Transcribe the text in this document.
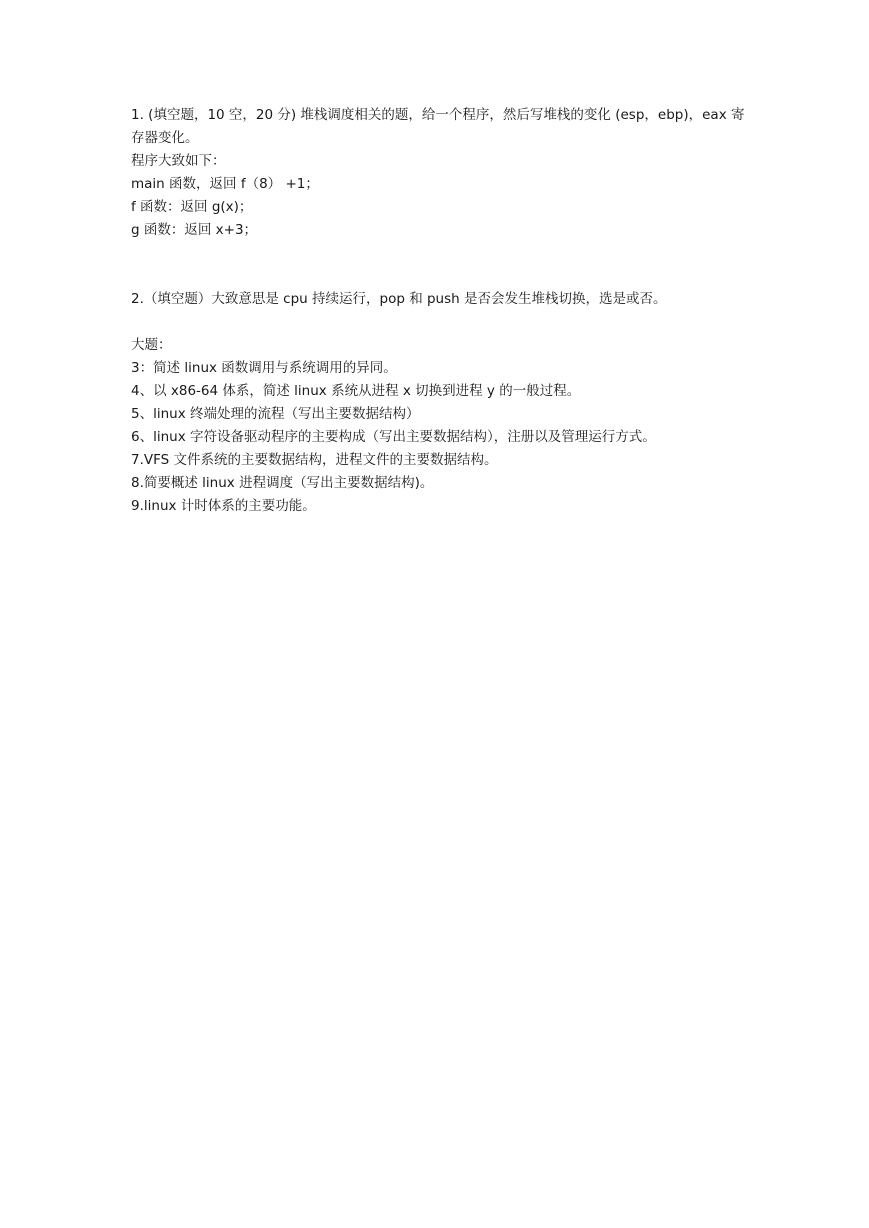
1. (填空题，10 空，20 分) 堆栈调度相关的题，给一个程序，然后写堆栈的变化 (esp，ebp)，eax 寄存器变化。

程序大致如下：

main 函数，返回 f（8） +1；

f 函数：返回 g(x)；

g 函数：返回 x+3；

2.（填空题）大致意思是 cpu 持续运行，pop 和 push 是否会发生堆栈切换，选是或否。

大题：

3：简述 linux 函数调用与系统调用的异同。

4、以 x86-64 体系，简述 linux 系统从进程 x 切换到进程 y 的一般过程。

5、linux 终端处理的流程（写出主要数据结构）

6、linux 字符设备驱动程序的主要构成（写出主要数据结构），注册以及管理运行方式。

7.VFS 文件系统的主要数据结构，进程文件的主要数据结构。

8.简要概述 linux 进程调度（写出主要数据结构)。

9.linux 计时体系的主要功能。
